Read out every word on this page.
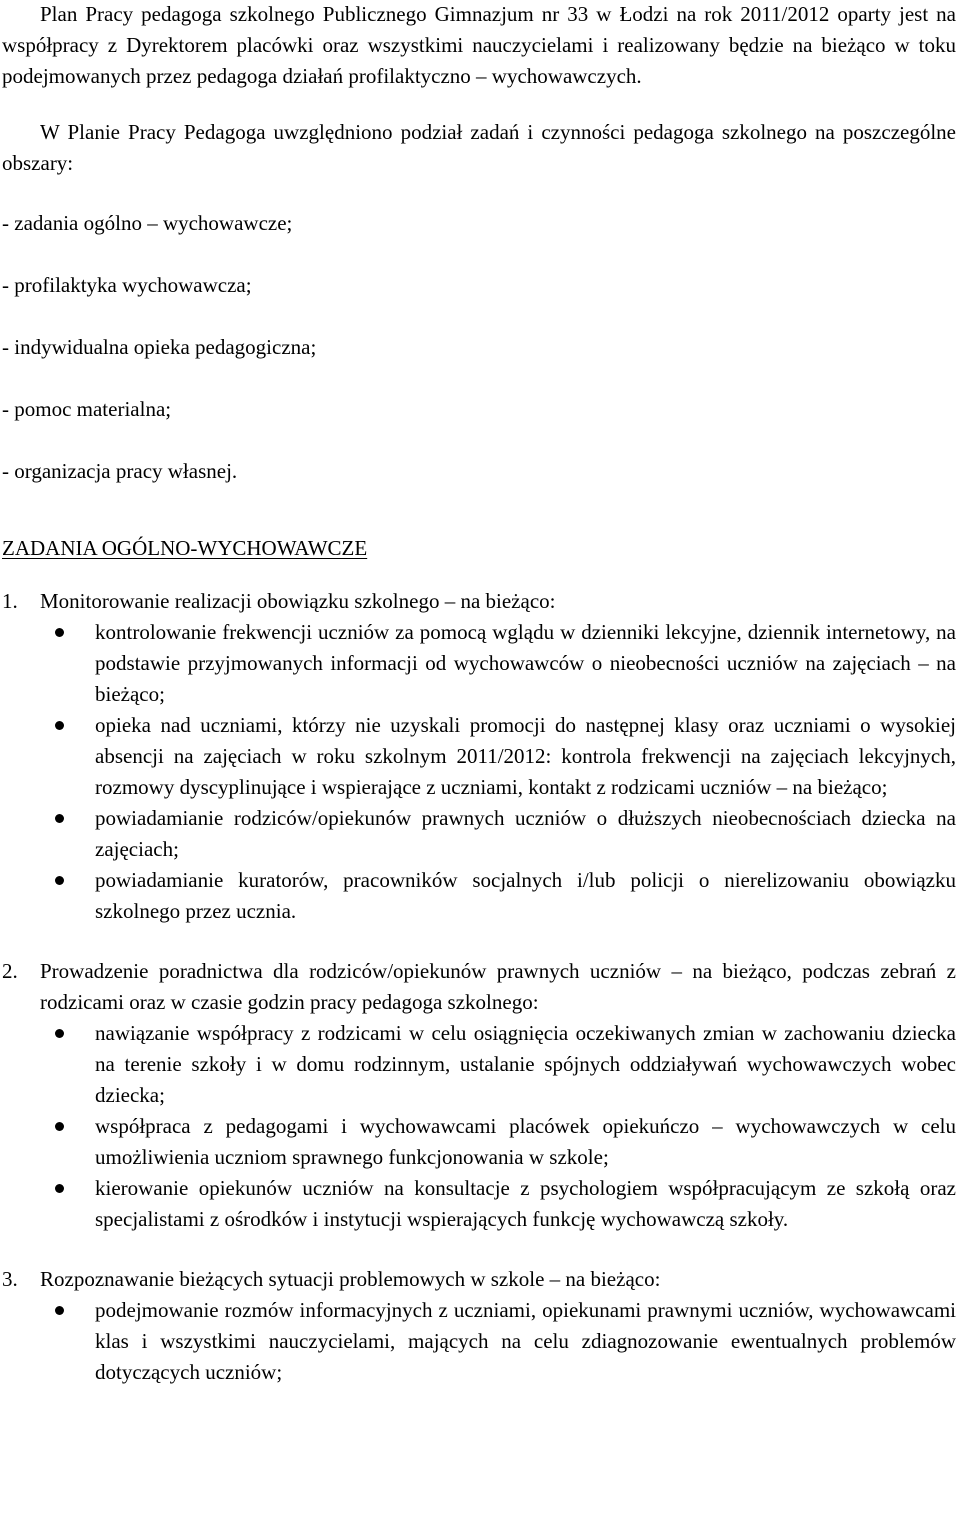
Plan Pracy pedagoga szkolnego Publicznego Gimnazjum nr 33 w Łodzi na rok 2011/2012 oparty jest na współpracy z Dyrektorem placówki oraz wszystkimi nauczycielami i realizowany będzie na bieżąco w toku podejmowanych przez pedagoga działań profilaktyczno – wychowawczych.

W Planie Pracy Pedagoga uwzględniono podział zadań i czynności pedagoga szkolnego na poszczególne obszary:

- zadania ogólno – wychowawcze;

- profilaktyka wychowawcza;

- indywidualna opieka pedagogiczna;

- pomoc materialna;

- organizacja pracy własnej.

ZADANIA OGÓLNO-WYCHOWAWCZE

1. Monitorowanie realizacji obowiązku szkolnego – na bieżąco:

kontrolowanie frekwencji uczniów za pomocą wglądu w dzienniki lekcyjne, dziennik internetowy, na podstawie przyjmowanych informacji od wychowawców o nieobecności uczniów na zajęciach – na bieżąco;
opieka nad uczniami, którzy nie uzyskali promocji do następnej klasy oraz uczniami o wysokiej absencji na zajęciach w roku szkolnym 2011/2012: kontrola frekwencji na zajęciach lekcyjnych, rozmowy dyscyplinujące i wspierające z uczniami, kontakt z rodzicami uczniów – na bieżąco;
powiadamianie rodziców/opiekunów prawnych uczniów o dłuższych nieobecnościach dziecka na zajęciach;
powiadamianie kuratorów, pracowników socjalnych i/lub policji o nierelizowaniu obowiązku szkolnego przez ucznia.
2. Prowadzenie poradnictwa dla rodziców/opiekunów prawnych uczniów – na bieżąco, podczas zebrań z rodzicami oraz w czasie godzin pracy pedagoga szkolnego:

nawiązanie współpracy z rodzicami w celu osiągnięcia oczekiwanych zmian w zachowaniu dziecka na terenie szkoły i w domu rodzinnym, ustalanie spójnych oddziaływań wychowawczych wobec dziecka;
współpraca z pedagogami i wychowawcami placówek opiekuńczo – wychowawczych w celu umożliwienia uczniom sprawnego funkcjonowania w szkole;
kierowanie opiekunów uczniów na konsultacje z psychologiem współpracującym ze szkołą oraz specjalistami z ośrodków i instytucji wspierających funkcję wychowawczą szkoły.
3. Rozpoznawanie bieżących sytuacji problemowych w szkole – na bieżąco:

podejmowanie rozmów informacyjnych z uczniami, opiekunami prawnymi uczniów, wychowawcami klas i wszystkimi nauczycielami, mających na celu zdiagnozowanie ewentualnych problemów dotyczących uczniów;
